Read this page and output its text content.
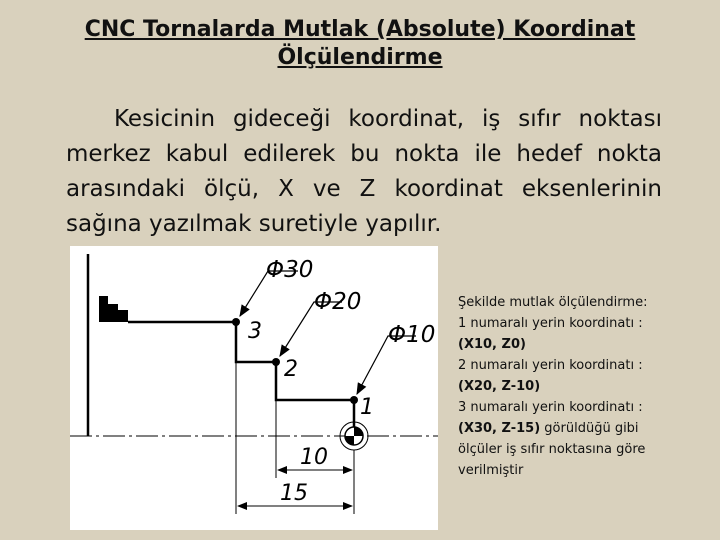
CNC Tornalarda Mutlak (Absolute) Koordinat
Ölçülendirme
Kesicinin gideceği koordinat, iş sıfır noktası merkez kabul edilerek bu nokta ile hedef nokta arasındaki ölçü, X ve Z koordinat eksenlerinin sağına yazılmak suretiyle yapılır.
Φ30
Φ20
Φ10
3
2
1
10
15
Şekilde mutlak ölçülendirme:
1 numaralı yerin koordinatı :
(X10, Z0)
2 numaralı yerin koordinatı :
(X20, Z-10)
3 numaralı yerin koordinatı :
(X30, Z-15) görüldüğü gibi
ölçüler iş sıfır noktasına göre verilmiştir
